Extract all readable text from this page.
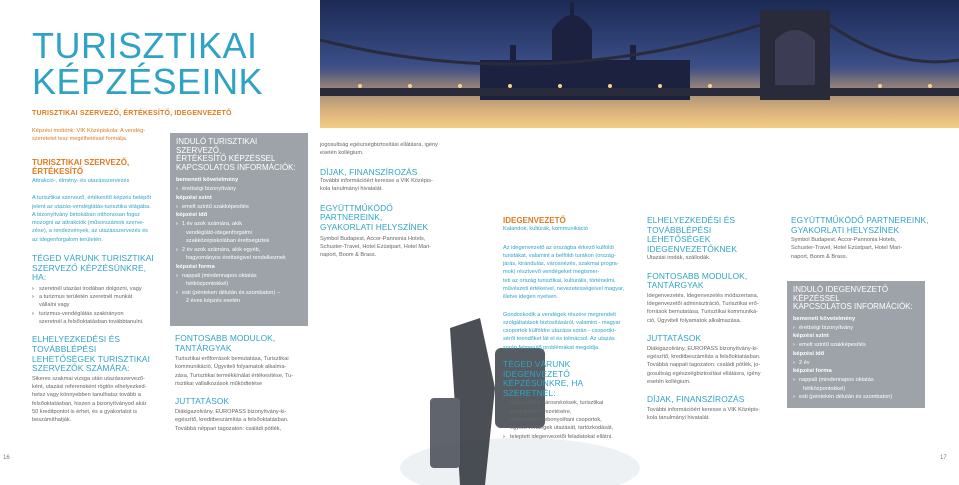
TURISZTIKAI
KÉPZÉSEINK
TURISZTIKAI SZERVEZŐ, ÉRTÉKESÍTŐ, IDEGENVEZETŐ
Képzési mottónk: VIK Középiskola: A vendég-
szeretetet lesz megélhetéssé formálja.
TURISZTIKAI SZERVEZŐ,
ÉRTÉKESÍTŐ
Attrakció-, élmény- és utazásszervezés
A turisztikai szervező, értékesítő képzés belépőt
jelent az utazás-vendéglátás-turisztika világába.
A bizonyítvány birtokában otthonosan fogsz
mozogni az attrakciók (műsorszámok szerve-
zése), a rendezvények, az utazásszervezés és
az idegenforgalom területén.
TÉGED VÁRUNK TURISZTIKAI
SZERVEZŐ KÉPZÉSÜNKRE, HA:
› szeretnél utazási irodában dolgozni, vagy
› a turizmus területén szeretnél munkát
vállalni vagy
› turizmus-vendéglátás szakirányon
szeretnél a felsőoktatásban továbbtanulni.
ELHELYEZKEDÉSI ÉS TOVÁBBLÉPÉSI
LEHETŐSÉGEK TURISZTIKAI
SZERVEZŐK SZÁMÁRA:
Sikeres szakmai vizsga után utazásszervező-
ként, utazási referensként rögtön elhelyezked-
hetsz vagy könnyebben tanulhatsz tovább a
felsőoktatásban, hiszen a bizonyítványod akár
50 kreditpontot is érhet, és a gyakorlatot is
beszámíthatják.
16
INDULÓ TURISZTIKAI SZERVEZŐ,
ÉRTÉKESÍTŐ KÉPZÉSSEL
KAPCSOLATOS INFORMÁCIÓK:
bemeneti követelmény
› érettségi bizonyítvány
képzési szint
› emelt szintű szakképesítés
képzési idő
› 1 év azok számára, akik
vendéglátó-idegenforgalmi
szakközépiskolában érettségiztek
› 2 év azok számára, akik egyéb,
hagyományos érettségivel rendelkeznek
képzési forma
› nappali (mindennapos oktatás
hétközpontokkel)
› esti (pénteken délután és szombaton) –
2 éves képzés esetén
FONTOSABB MODULOK,
TANTÁRGYAK
Turisztikai erőforrások bemutatása, Turisztikai
kommunikáció, Ügyviteli folyamatok alkalma-
zása, Turisztikai termékkínálat értékesítése, Tu-
risztikai vállalkozások működtetése
JUTTATÁSOK
Diákigazolvány, EUROPASS bizonyítvány-ki-
egészítő, kreditbeszámítás a felsőoktatásban.
Továbbá néppari tagozaton: családi pótlék,
jogosultság egészségbiztosítási ellátásra, igény
esetén kollégium.
DÍJAK, FINANSZÍROZÁS
További információért keresse a VIK Középis-
kola tanulmányi hivatalát.
EGYÜTTMŰKÖDŐ PARTNEREINK,
GYAKORLATI HELYSZÍNEK
Symbol Budapest, Accor-Pannonia Hotels,
Schuster-Travel, Hotel Ezüstpart, Hotel Mari-
naport, Boom & Brass.
IDEGENVEZETŐ
Kalandok, kultúrák, kommunikáció
Az idegenvezető az országba érkező külföldi
turistákat, valamint a belföldi turákon (ország-
járás, kirándulás, városnézés, szakmai progra-
mok) résztvevő vendégeket megismer-
teti az ország turisztikai, kulturális, történelmi,
művészeti értékeivel, nevezetességeivel magyar,
illetve idegen nyelven.
Gondoskodik a vendégek részére megrendelt
szolgáltatások biztosításáról, valamint - magyar
csoportok külföldre utazása során - csoportkí-
sérői teendőket lát el és tolmácsol. Az utazás
során felmerülő problémákat megoldja.
TÉGED VÁRUNK IDEGENVEZETŐ
KÉPZÉSÜNKRE, HA SZERETNÉL:
› felkészülni a városnézések, turisztikai
programok levezetésére,
› szakszerűen lebonyolítani csoportok,
egyéni vendégek utazását, tartózkodását,
› teleptett idegenvezetői feladatokat ellátni.
ELHELYEZKEDÉSI ÉS TOVÁBBLÉPÉSI
LEHETŐSÉGEK IDEGENVEZETŐKNEK
Utazási irodák, szállodák.
FONTOSABB MODULOK,
TANTÁRGYAK
Idegenvezetés, Idegenvezetés módszertana,
Idegenvezetői adminisztráció, Turisztikai erő-
források bemutatása, Turisztikai kommuniká-
ció, Ügyviteli folyamatok alkalmazása.
JUTTATÁSOK
Diákigazolvány, EUROPASS bizonyítvány-ki-
egészítő, kreditbeszámítás a felsőoktatásban.
Továbbá nappali tagozaton: családi pótlék, jo-
gosultság egészségbiztosítási ellátásra, igény
esetén kollégium.
DÍJAK, FINANSZÍROZÁS
További információért keresse a VIK Középis-
kola tanulmányi hivatalát.
EGYÜTTMŰKÖDŐ PARTNEREINK,
GYAKORLATI HELYSZÍNEK
Symbol Budapest, Accor-Pannonia Hotels,
Schuster-Travel, Hotel Ezüstpart, Hotel Mari-
naport, Boom & Brass.
INDULÓ IDEGENVEZETŐ KÉPZÉSSEL
KAPCSOLATOS INFORMÁCIÓK:
bemeneti követelmény
› érettségi bizonyítvány
képzési szint
› emelt szintű szakképesítés
képzési idő
› 2 év
képzési forma
› nappali (mindennapos oktatás
hétközpontokkel)
› esti (péntekén délután és szombaton)
17
